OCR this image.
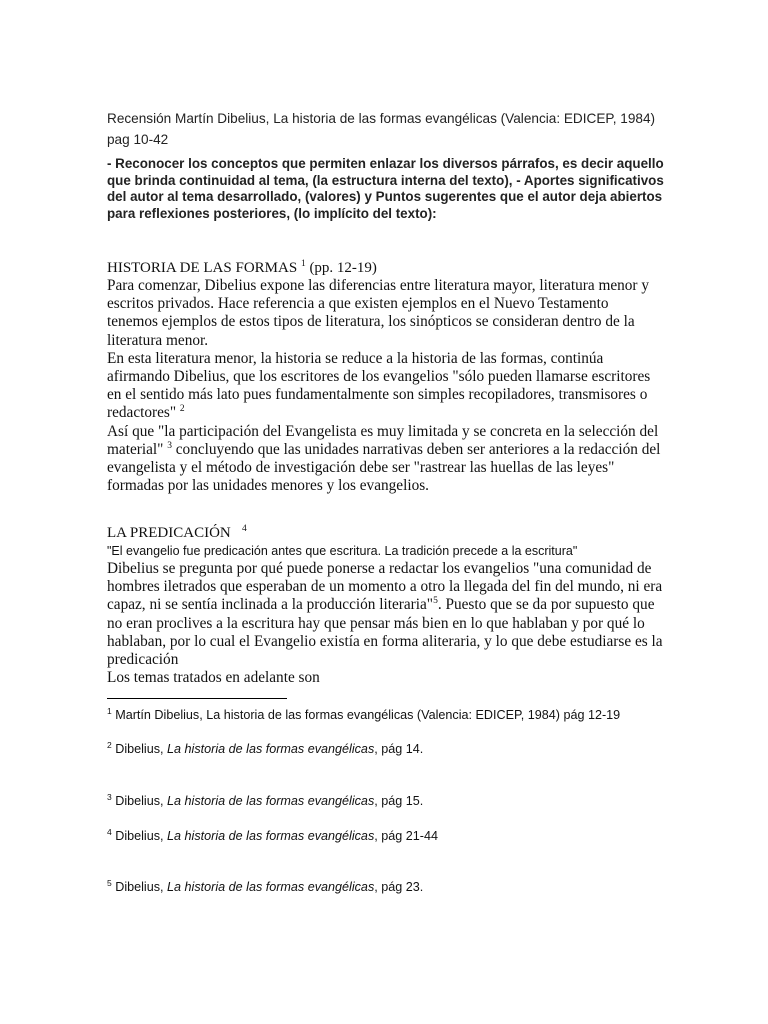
Recensión Martín Dibelius, La historia de las formas evangélicas (Valencia: EDICEP, 1984) pag 10-42
- Reconocer los conceptos que permiten enlazar los diversos párrafos, es decir aquello que brinda continuidad al tema, (la estructura interna del texto), - Aportes significativos del autor al tema desarrollado, (valores) y Puntos sugerentes que el autor deja abiertos para reflexiones posteriores, (lo implícito del texto):
HISTORIA DE LAS FORMAS $^1$ (pp. 12-19)

Para comenzar, Dibelius expone las diferencias entre literatura mayor, literatura menor y escritos privados. Hace referencia a que existen ejemplos en el Nuevo Testamento tenemos ejemplos de estos tipos de literatura, los sinópticos se consideran dentro de la literatura menor.

En esta literatura menor, la historia se reduce a la historia de las formas, continúa afirmando Dibelius, que los escritores de los evangelios "sólo pueden llamarse escritores en el sentido más lato pues fundamentalmente son simples recopiladores, transmisores o redactores" $^2$

Así que "la participación del Evangelista es muy limitada y se concreta en la selección del material" $^3$ concluyendo que las unidades narrativas deben ser anteriores a la redacción del evangelista y el método de investigación debe ser "rastrear las huellas de las leyes" formadas por las unidades menores y los evangelios.

LA PREDICACIÓN $^4$
"El evangelio fue predicación antes que escritura. La tradición precede a la escritura"

Dibelius se pregunta por qué puede ponerse a redactar los evangelios "una comunidad de hombres iletrados que esperaban de un momento a otro la llegada del fin del mundo, ni era capaz, ni se sentía inclinada a la producción literaria"$^5$. Puesto que se da por supuesto que no eran proclives a la escritura hay que pensar más bien en lo que hablaban y por qué lo hablaban, por lo cual el Evangelio existía en forma aliteraria, y lo que debe estudiarse es la predicación

Los temas tratados en adelante son

$^1$ Martín Dibelius, La historia de las formas evangélicas (Valencia: EDICEP, 1984) pág 12-19
$^2$ Dibelius, La historia de las formas evangélicas, pág 14.
$^3$ Dibelius, La historia de las formas evangélicas, pág 15.
$^4$ Dibelius, La historia de las formas evangélicas, pág 21-44
$^5$ Dibelius, La historia de las formas evangélicas, pág 23.
